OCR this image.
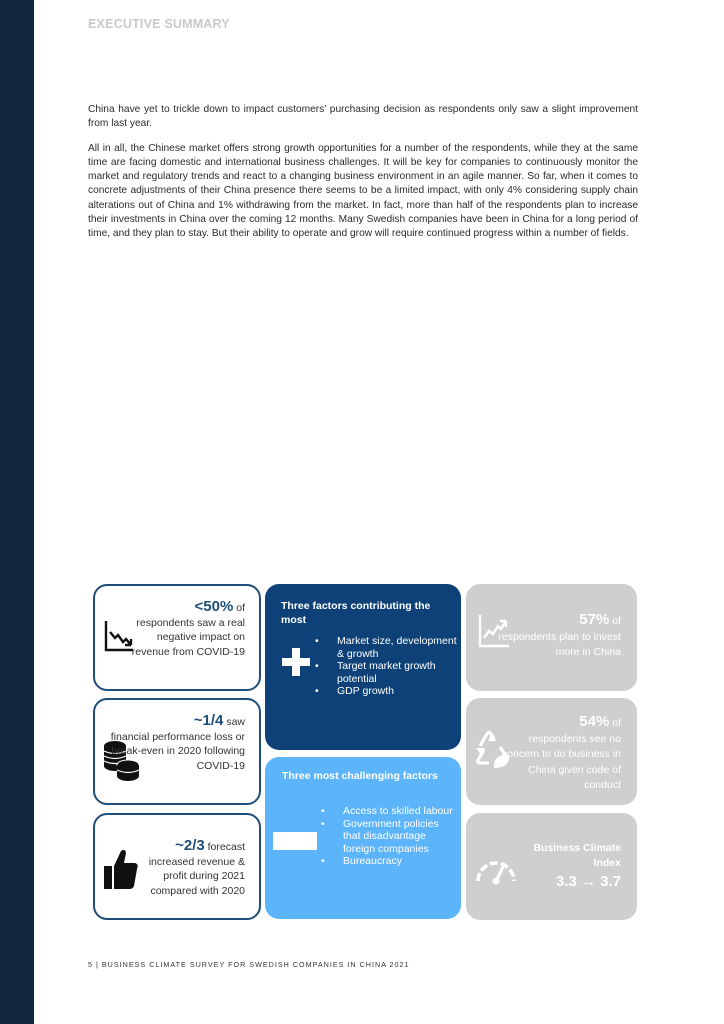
EXECUTIVE SUMMARY

China have yet to trickle down to impact customers’ purchasing decision as respondents only saw a slight improvement from last year.

All in all, the Chinese market offers strong growth opportunities for a number of the respondents, while they at the same time are facing domestic and international business challenges. It will be key for companies to continuously monitor the market and regulatory trends and react to a changing business environment in an agile manner. So far, when it comes to concrete adjustments of their China presence there seems to be a limited impact, with only 4% considering supply chain alterations out of China and 1% withdrawing from the market. In fact, more than half of the respondents plan to increase their investments in China over the coming 12 months. Many Swedish companies have been in China for a long period of time, and they plan to stay. But their ability to operate and grow will require continued progress within a number of fields.

<50% of
respondents saw a real negative impact on revenue from COVID-19
~1/4 saw
financial performance loss or break-even in 2020 following COVID-19
~2/3 forecast
increased revenue & profit during 2021 compared with 2020
Three factors contributing the most
• Market size, development & growth
• Target market growth potential
• GDP growth
Three most challenging factors
• Access to skilled labour
• Government policies that disadvantage foreign companies
• Bureaucracy
57% of
respondents plan to invest more in China
54% of
respondents see no concern to do business in China given code of conduct
Business Climate Index
3.3 → 3.7
5 | BUSINESS CLIMATE SURVEY FOR SWEDISH COMPANIES IN CHINA 2021
